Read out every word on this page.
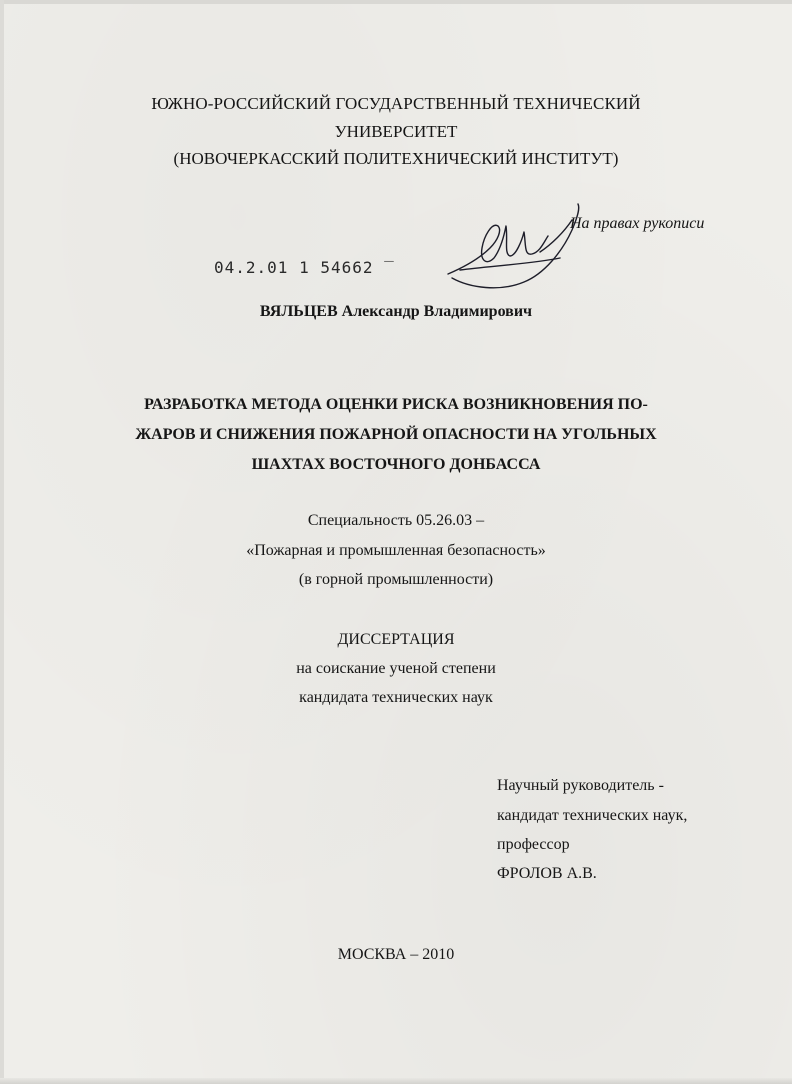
ЮЖНО-РОССИЙСКИЙ ГОСУДАРСТВЕННЫЙ ТЕХНИЧЕСКИЙ
УНИВЕРСИТЕТ
(НОВОЧЕРКАССКИЙ ПОЛИТЕХНИЧЕСКИЙ ИНСТИТУТ)
На правах рукописи
04.2.01 1 54662 ‾
ВЯЛЬЦЕВ Александр Владимирович
РАЗРАБОТКА МЕТОДА ОЦЕНКИ РИСКА ВОЗНИКНОВЕНИЯ ПО-
ЖАРОВ И СНИЖЕНИЯ ПОЖАРНОЙ ОПАСНОСТИ НА УГОЛЬНЫХ
ШАХТАХ ВОСТОЧНОГО ДОНБАССА
Специальность 05.26.03 –
«Пожарная и промышленная безопасность»
(в горной промышленности)
ДИССЕРТАЦИЯ
на соискание ученой степени
кандидата технических наук
Научный руководитель -
кандидат технических наук,
профессор
ФРОЛОВ А.В.
МОСКВА – 2010
